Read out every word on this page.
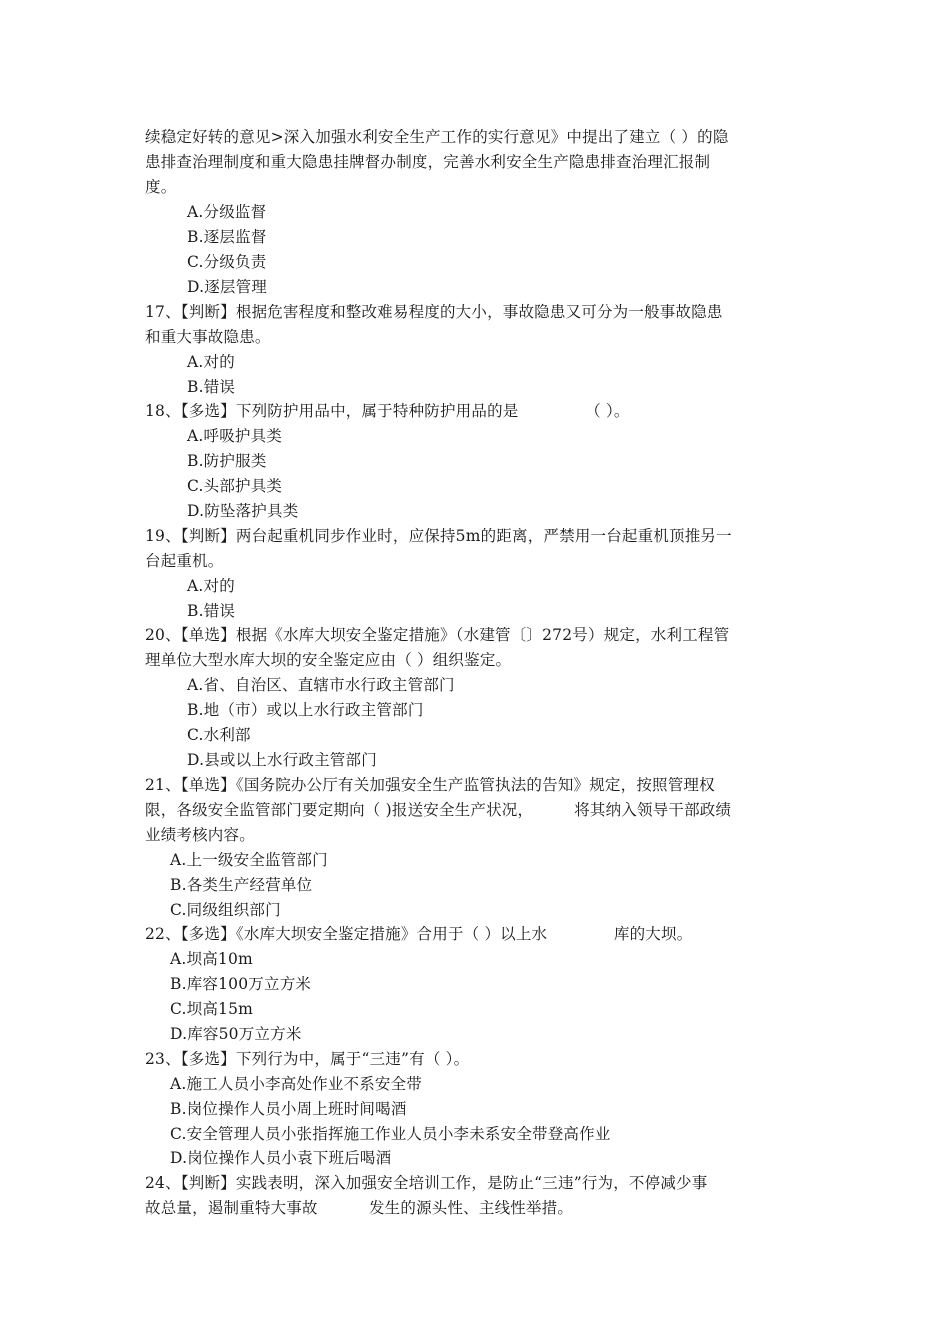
续稳定好转的意见>深入加强水利安全生产工作的实行意见》中提出了建立（ ）的隐
患排查治理制度和重大隐患挂牌督办制度，完善水利安全生产隐患排查治理汇报制
度。
A.分级监督
B.逐层监督
C.分级负责
D.逐层管理
17、【判断】根据危害程度和整改难易程度的大小，事故隐患又可分为一般事故隐患
和重大事故隐患。
A.对的
B.错误
18、【多选】下列防护用品中，属于特种防护用品的是             （ ）。
A.呼吸护具类
B.防护服类
C.头部护具类
D.防坠落护具类
19、【判断】两台起重机同步作业时，应保持5m的距离，严禁用一台起重机顶推另一
台起重机。
A.对的
B.错误
20、【单选】根据《水库大坝安全鉴定措施》（水建管〔〕272号）规定，水利工程管
理单位大型水库大坝的安全鉴定应由（ ）组织鉴定。
A.省、自治区、直辖市水行政主管部门
B.地（市）或以上水行政主管部门
C.水利部
D.县或以上水行政主管部门
21、【单选】《国务院办公厅有关加强安全生产监管执法的告知》规定，按照管理权
限，各级安全监管部门要定期向（ )报送安全生产状况，        将其纳入领导干部政绩
业绩考核内容。
A.上一级安全监管部门
B.各类生产经营单位
C.同级组织部门
22、【多选】《水库大坝安全鉴定措施》合用于（ ）以上水             库的大坝。
A.坝高10m
B.库容100万立方米
C.坝高15m
D.库容50万立方米
23、【多选】下列行为中，属于“三违”有（ ）。
A.施工人员小李高处作业不系安全带
B.岗位操作人员小周上班时间喝酒
C.安全管理人员小张指挥施工作业人员小李未系安全带登高作业
D.岗位操作人员小袁下班后喝酒
24、【判断】实践表明，深入加强安全培训工作，是防止“三违”行为，不停减少事
故总量，遏制重特大事故          发生的源头性、主线性举措。
